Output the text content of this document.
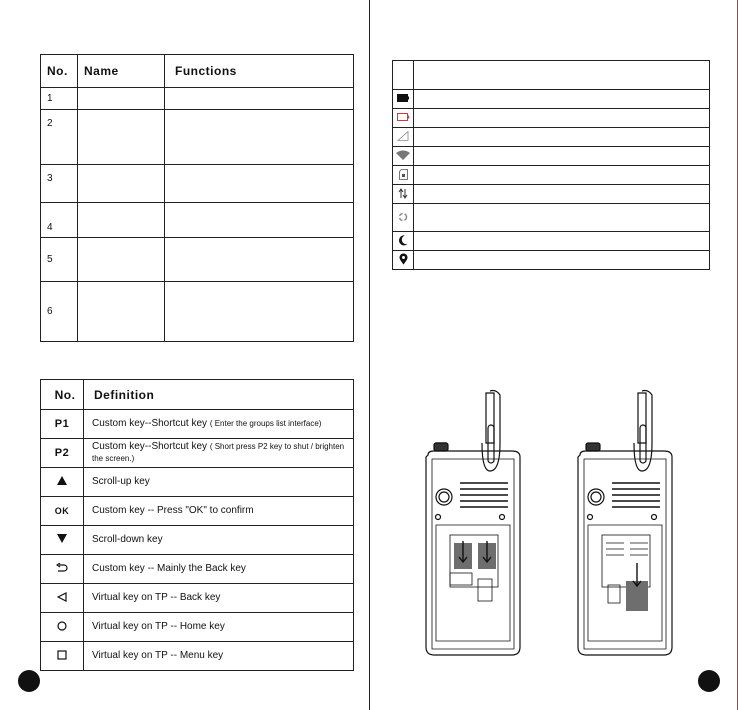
No.	Name	Functions
1		
2		
3		
4		
5		
6		
No.	Definition
P1	Custom key--Shortcut key ( Enter the groups list interface)
P2	Custom key--Shortcut key ( Short press P2 key to shut / brighten the screen.)
	Scroll-up key
OK	Custom key -- Press "OK" to confirm
	Scroll-down key
	Custom key -- Mainly the Back key
	Virtual key on TP -- Back key
	Virtual key on TP -- Home key
	Virtual key on TP -- Menu key
